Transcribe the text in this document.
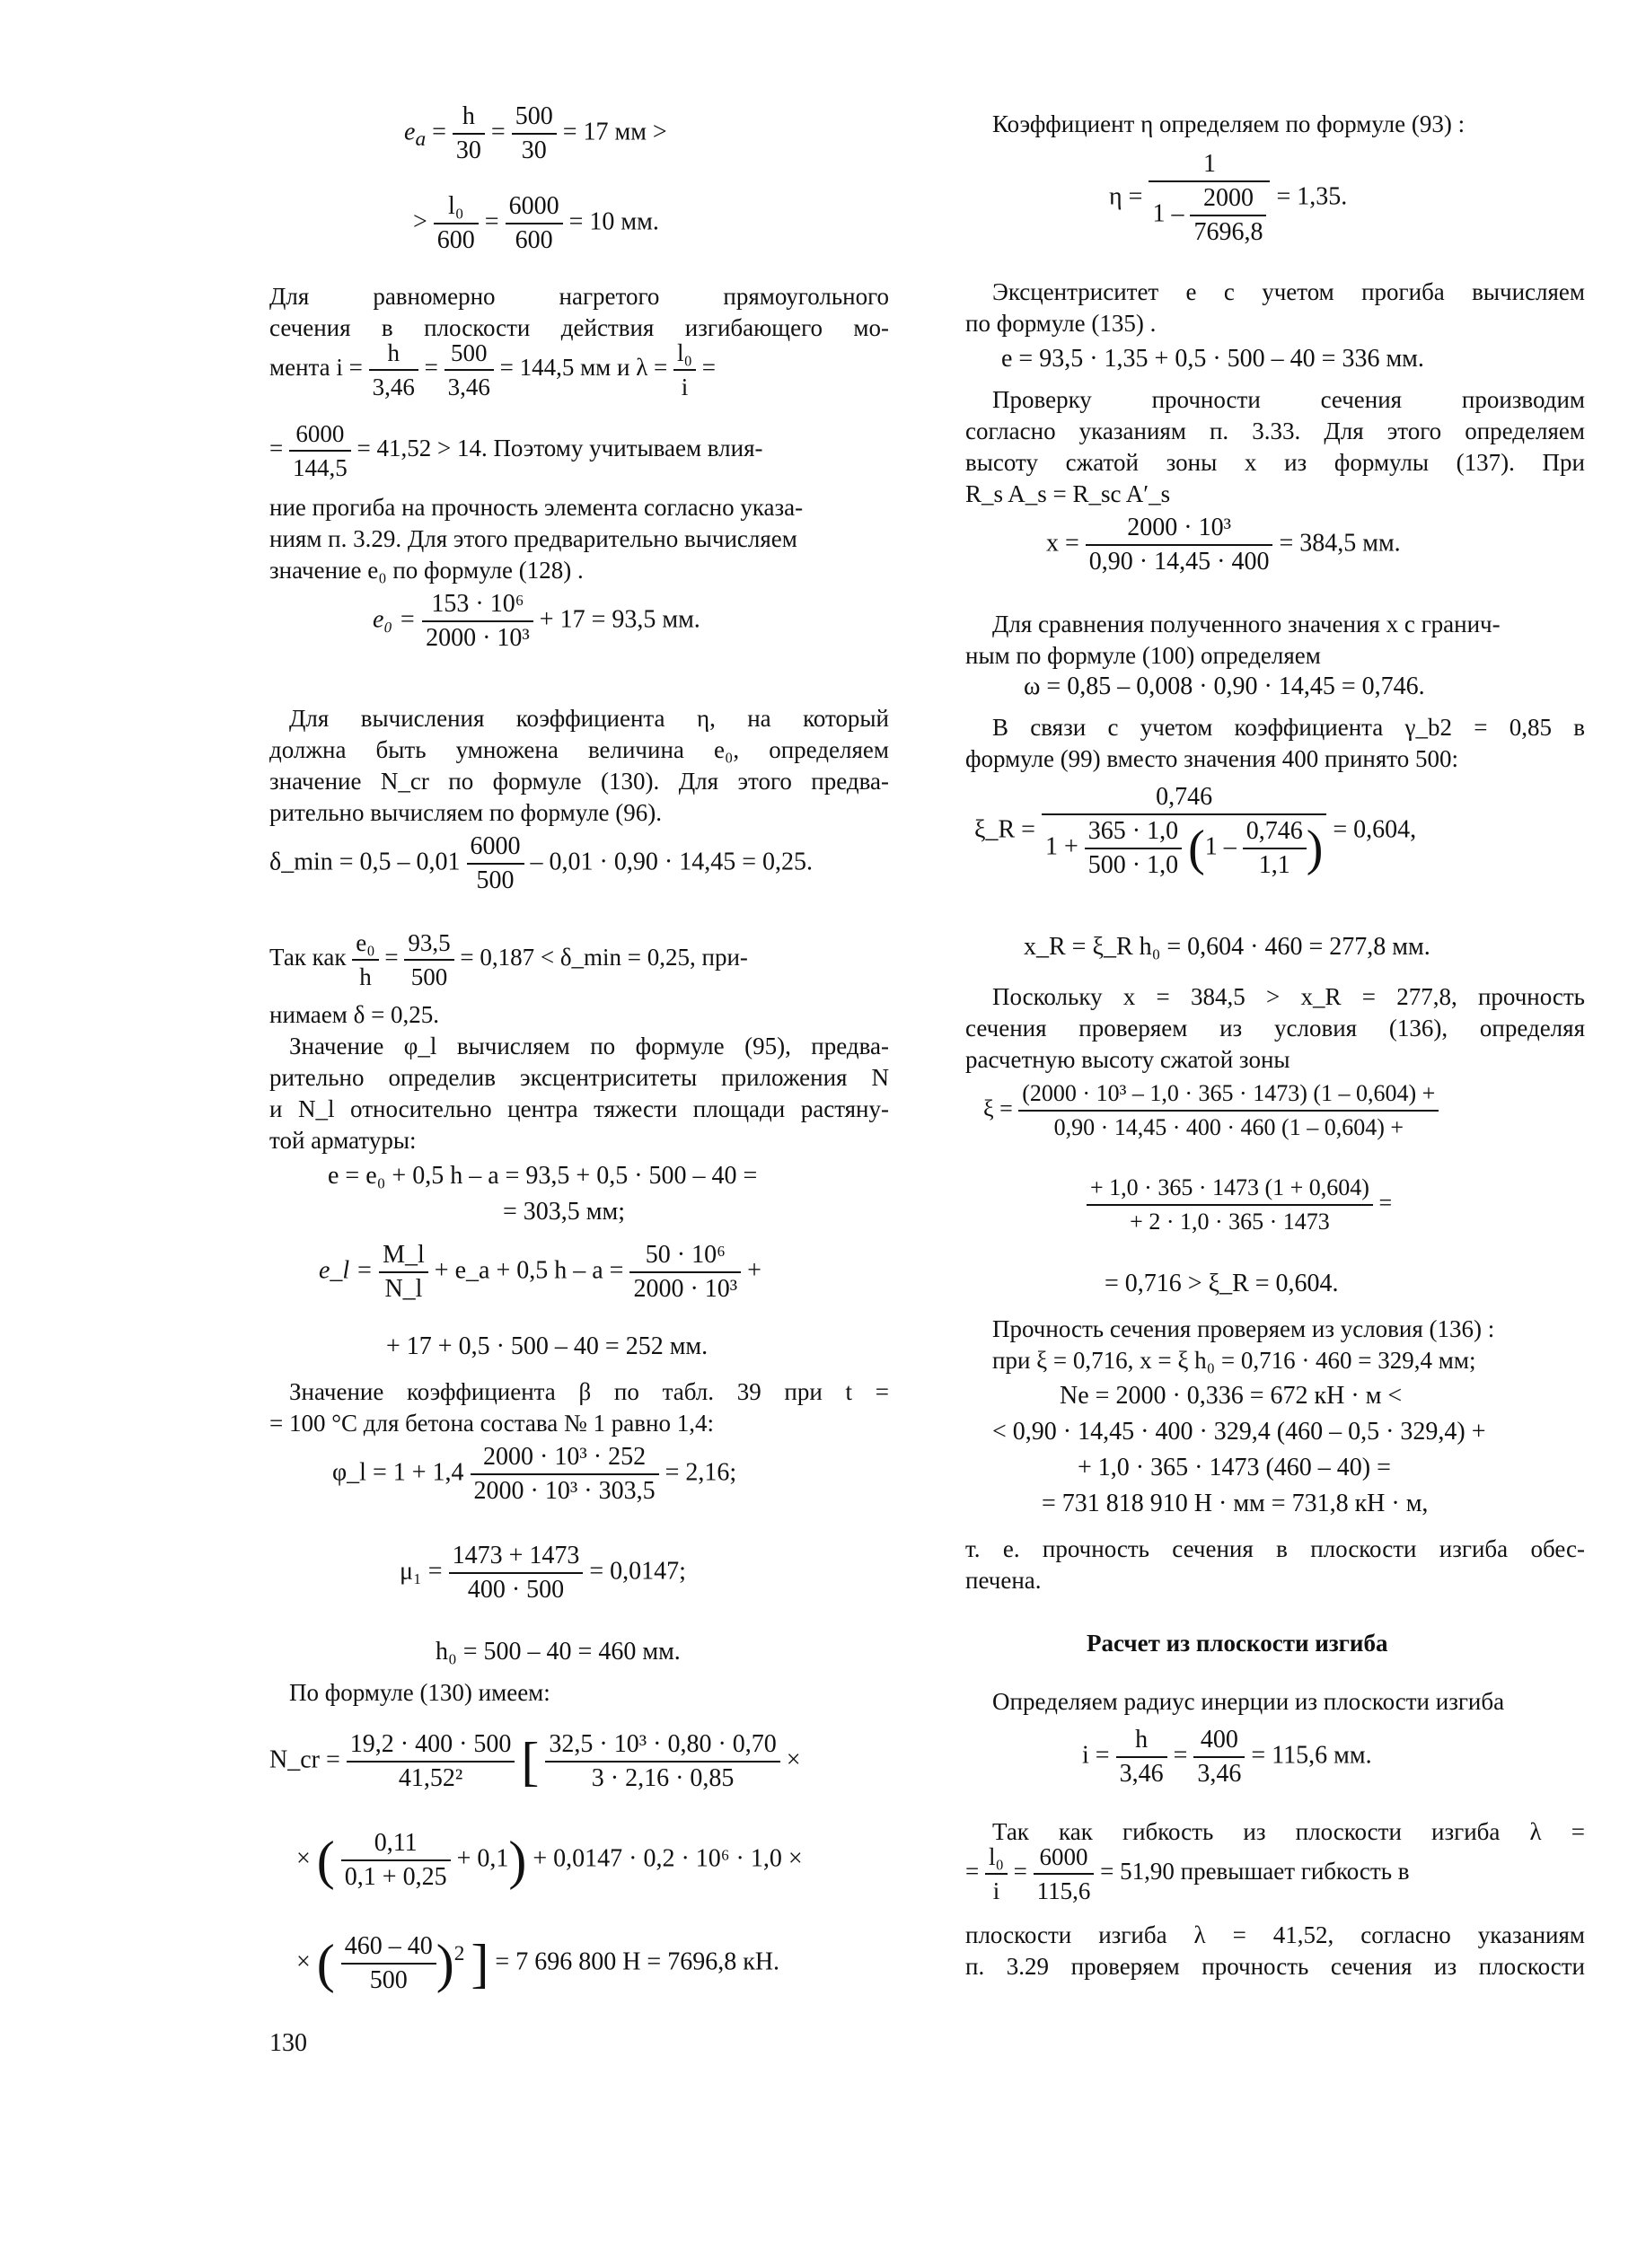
$e_a = \frac{h}{30} = \frac{500}{30} = 17$ мм >
> $\frac{\text{l₀}}{600} = \frac{6000}{600} = 10$ мм.
Для равномерно нагретого прямоугольного
сечения в плоскости действия изгибающего мо-
мента $i = \frac{h}{3,46} = \frac{500}{3,46} = 144,5$ мм и $\lambda = \frac{\text{l₀}}{i}$ =
= $\frac{6000}{144,5} = 41,52 > 14$. Поэтому учитываем влия-
ние прогиба на прочность элемента согласно указа-
ниям п. 3.29. Для этого предварительно вычисляем
значение e₀ по формуле (128) .
$e_0 = \frac{\text{153 · 10⁶}}{\text{2000 · 10³}} + 17 = 93,5$ мм.
Для вычисления коэффициента η, на который
должна быть умножена величина e₀, определяем
значение N_cr по формуле (130). Для этого предва-
рительно вычисляем по формуле (96).
δ_min = $0,5 - 0,01 \frac{6000}{500} - 0,01 \cdot 0,90 \cdot 14,45 = 0,25$.
Так как $\frac{\text{e₀}}{h} = \frac{93,5}{500} = 0,187$ < δ_min = 0,25, при-
нимаем δ = 0,25.
Значение φ_l вычисляем по формуле (95), предва-
рительно определив эксцентриситеты приложения N
и N_l относительно центра тяжести площади растяну-
той арматуры:
e = e₀ + 0,5 h – a = 93,5 + 0,5 · 500 – 40 =
= 303,5 мм;
e_l = $\frac{M\_l}{N\_l}$ + e_a + 0,5 $h - a = \frac{\text{50 · 10⁶}}{\text{2000 · 10³}}$ +
+ 17 + 0,5 · 500 – 40 = 252 мм.
Значение коэффициента β по табл. 39 при t =
= 100 °С для бетона состава № 1 равно 1,4:
φ_l = $1 + 1,4 \frac{\text{2000 · 10³ · 252}}{\text{2000 · 10³ · 303,5}} = 2,16$;
$\mu_1 = \frac{1473 + 1473}{400 \cdot 500} = 0,0147$;
h₀ = 500 – 40 = 460 мм.
По формуле (130) имеем:
N_cr = $\frac{19,2 \cdot 400 \cdot 500}{\text{41,52²}}$ [ $\frac{\text{32,5 · 10³ · 0,80 · 0,70}}{3 \cdot 2,16 \cdot 0,85}$ ×
× ( $\frac{0,11}{0,1 + 0,25} + 0,1) + 0,0147 \cdot 0,2 \cdot 10^6 \cdot 1,0$ ×
× ( $\frac{460 - 40}{500} )^2$ ] = 7 696 800 Н = 7696,8 кН.
130
Коэффициент η определяем по формуле (93) :
$\eta = \frac{1}{1 - \frac{2000}{7696,8}} = 1,35$.
Эксцентриситет e с учетом прогиба вычисляем
по формуле (135) .
e = 93,5 · 1,35 + 0,5 · 500 – 40 = 336 мм.
Проверку прочности сечения производим
согласно указаниям п. 3.33. Для этого определяем
высоту сжатой зоны x из формулы (137). При
R_s A_s = R_sc A′_s
$x = \frac{\text{2000 · 10³}}{0,90 \cdot 14,45 \cdot 400} = 384,5$ мм.
Для сравнения полученного значения x с гранич-
ным по формуле (100) определяем
ω = 0,85 – 0,008 · 0,90 · 14,45 = 0,746.
В связи с учетом коэффициента γ_b2 = 0,85 в
формуле (99) вместо значения 400 принято 500:
ξ_R =
0,746
$1 + \frac{365 \cdot 1,0}{500 \cdot 1,0} (1 - \frac{0,746}{1,1}$ ) = 0,604,
x_R = ξ_R h₀ = 0,604 · 460 = 277,8 мм.
Поскольку x = 384,5 > x_R = 277,8, прочность
сечения проверяем из условия (136), определяя
расчетную высоту сжатой зоны
$\xi = \frac{\text{(2000 · 10³ – 1,0 · 365 · 1473) (1 – 0,604) +}}{0,90 \cdot 14,45 \cdot 400 \cdot 460 (1 - 0,604) +}$
$\frac{+ 1,0 \cdot 365 \cdot 1473 (1 + 0,604)}{+ 2 \cdot 1,0 \cdot 365 \cdot 1473}$ =
= 0,716 > ξ_R = 0,604.
Прочность сечения проверяем из условия (136) :
при ξ = 0,716, x = ξ h₀ = 0,716 · 460 = 329,4 мм;
Ne = 2000 · 0,336 = 672 кН · м <
< 0,90 · 14,45 · 400 · 329,4 (460 – 0,5 · 329,4) +
+ 1,0 · 365 · 1473 (460 – 40) =
= 731 818 910 Н · мм = 731,8 кН · м,
т. е. прочность сечения в плоскости изгиба обес-
печена.
Расчет из плоскости изгиба
Определяем радиус инерции из плоскости изгиба
$i = \frac{h}{3,46} = \frac{400}{3,46} = 115,6$ мм.
Так как гибкость из плоскости изгиба λ =
= $\frac{\text{l₀}}{i} = \frac{6000}{115,6} = 51,90$ превышает гибкость в
плоскости изгиба λ = 41,52, согласно указаниям
п. 3.29 проверяем прочность сечения из плоскости
